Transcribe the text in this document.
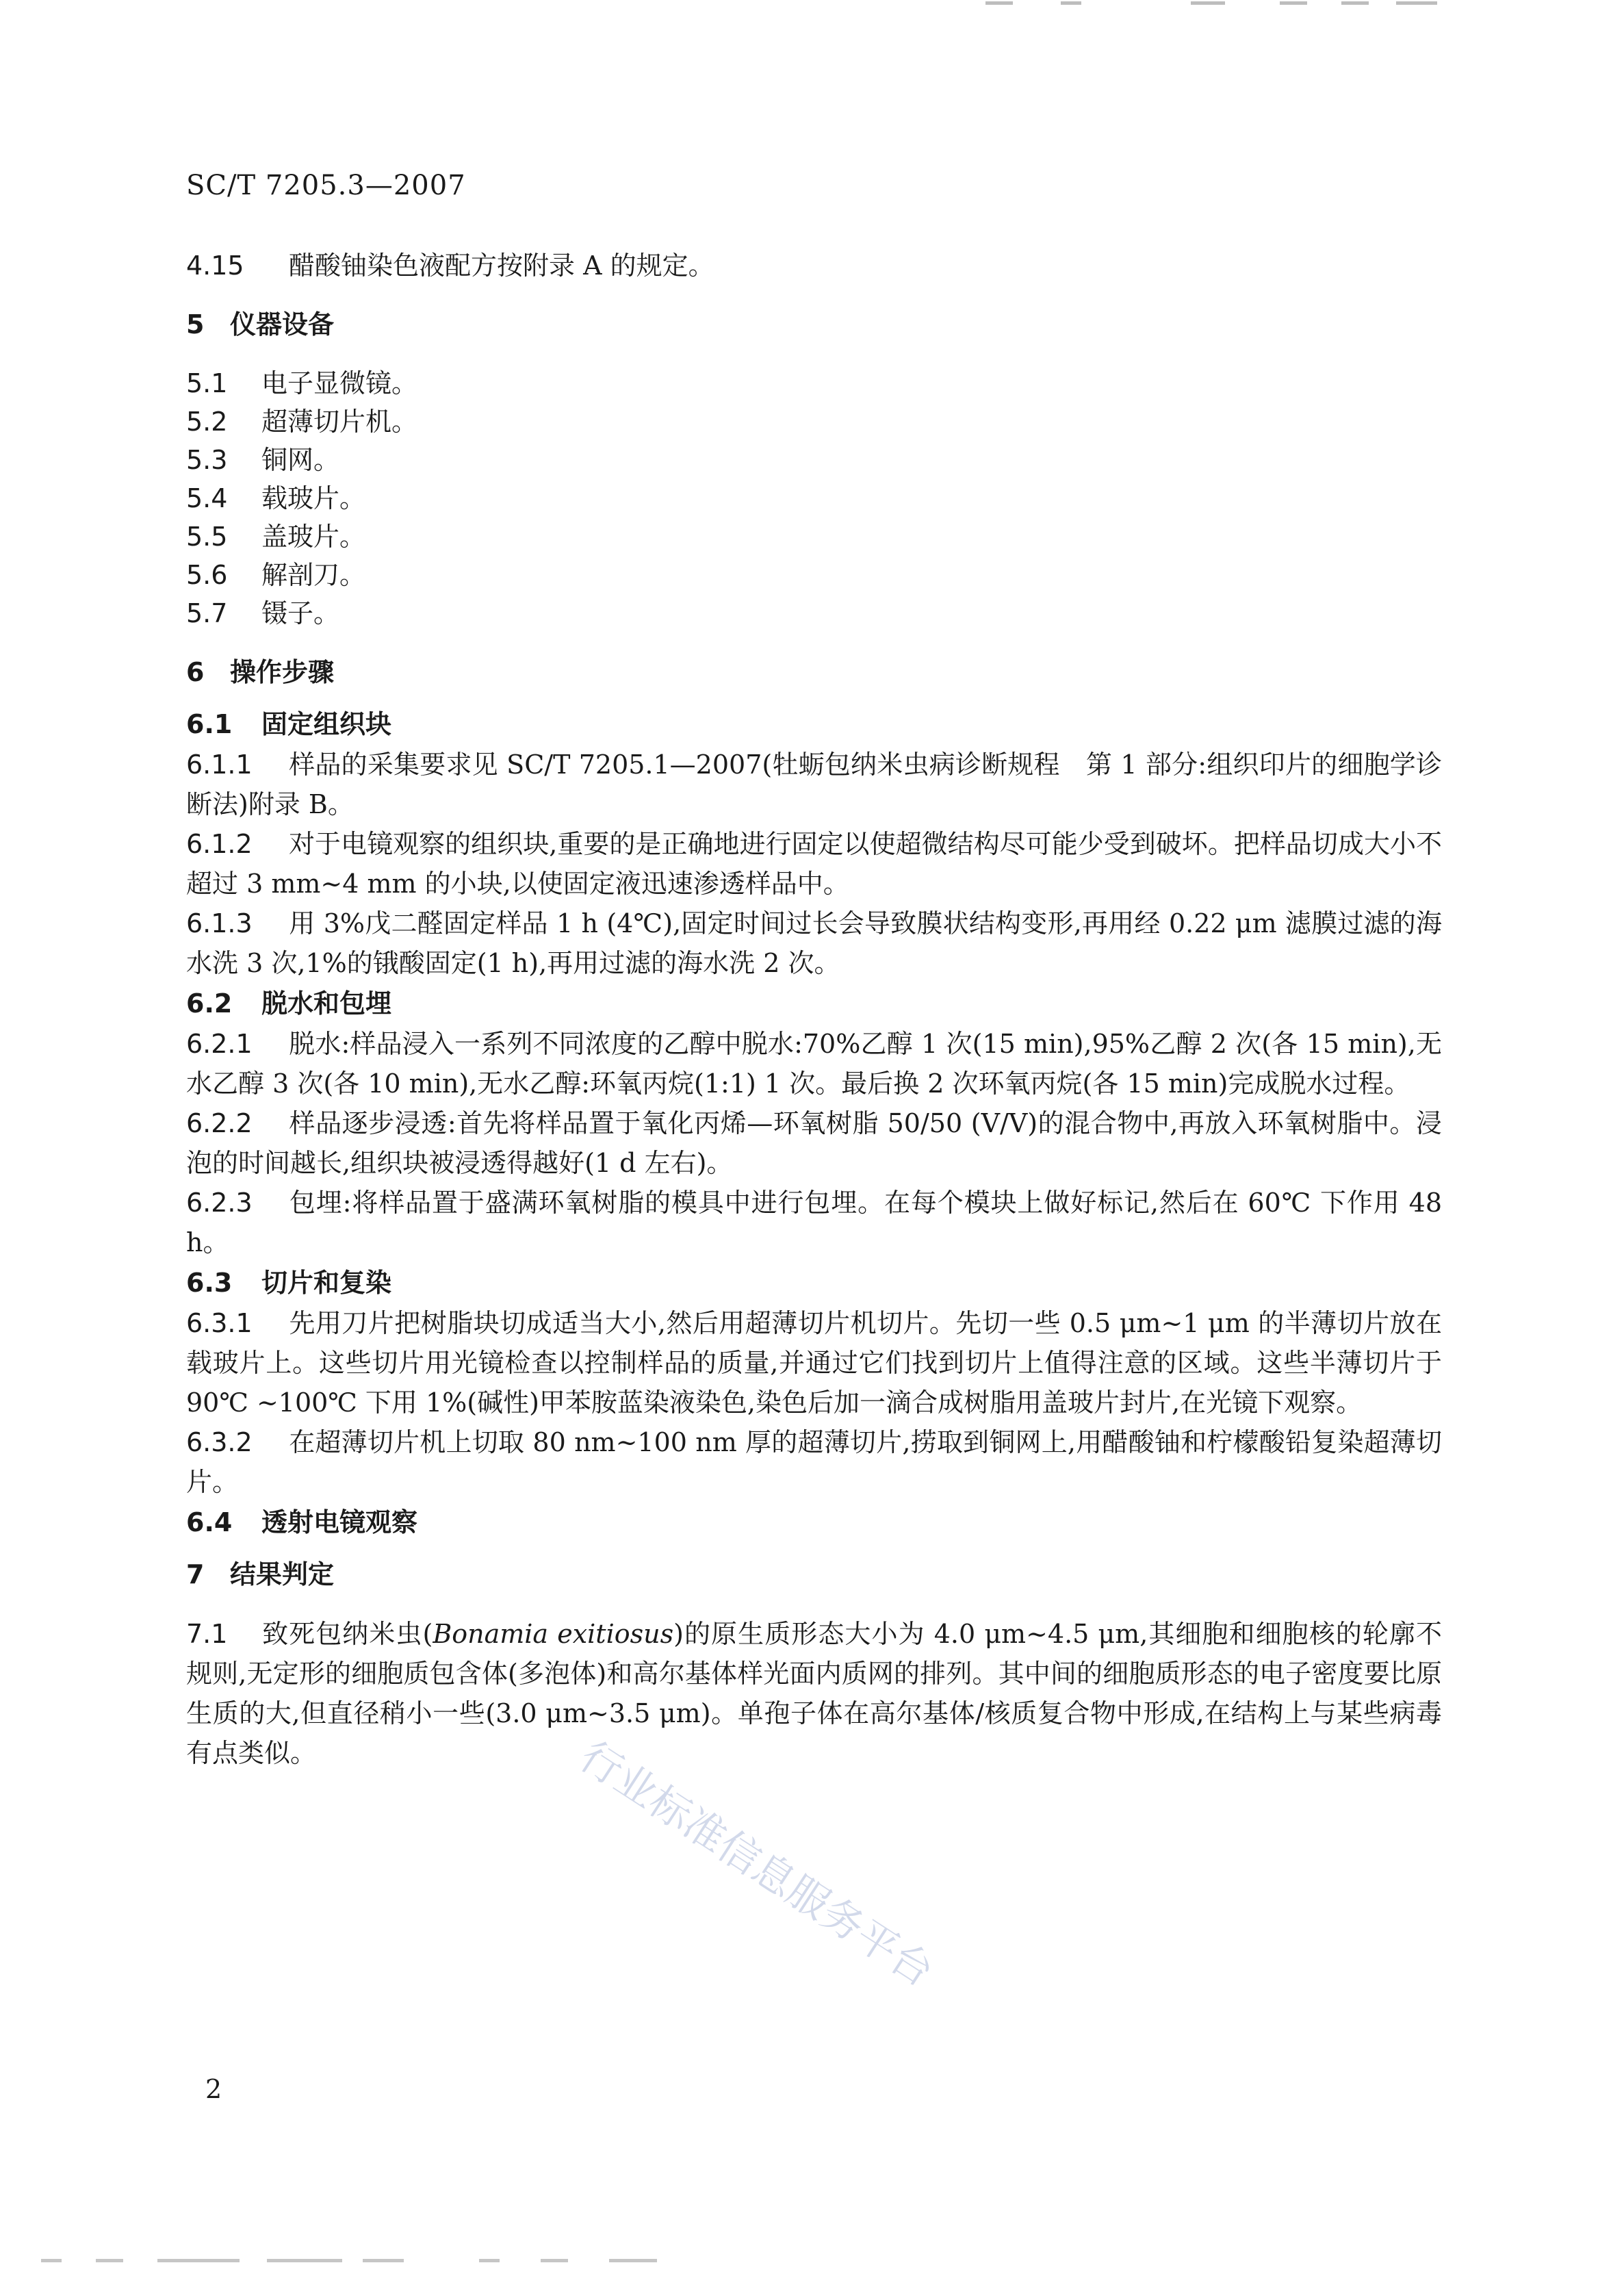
SC/T 7205.3—2007

4.15 醋酸铀染色液配方按附录 A 的规定。

5 仪器设备

5.1 电子显微镜。

5.2 超薄切片机。

5.3 铜网。

5.4 载玻片。

5.5 盖玻片。

5.6 解剖刀。

5.7 镊子。

6 操作步骤

6.1 固定组织块

6.1.1 样品的采集要求见 SC/T 7205.1—2007(牡蛎包纳米虫病诊断规程　第 1 部分:组织印片的细胞学诊断法)附录 B。

6.1.2 对于电镜观察的组织块,重要的是正确地进行固定以使超微结构尽可能少受到破坏。把样品切成大小不超过 3 mm~4 mm 的小块,以使固定液迅速渗透样品中。

6.1.3 用 3%戊二醛固定样品 1 h (4℃),固定时间过长会导致膜状结构变形,再用经 0.22 μm 滤膜过滤的海水洗 3 次,1%的锇酸固定(1 h),再用过滤的海水洗 2 次。

6.2 脱水和包埋

6.2.1 脱水:样品浸入一系列不同浓度的乙醇中脱水:70%乙醇 1 次(15 min),95%乙醇 2 次(各 15 min),无水乙醇 3 次(各 10 min),无水乙醇:环氧丙烷(1:1) 1 次。最后换 2 次环氧丙烷(各 15 min)完成脱水过程。

6.2.2 样品逐步浸透:首先将样品置于氧化丙烯—环氧树脂 50/50 (V/V)的混合物中,再放入环氧树脂中。浸泡的时间越长,组织块被浸透得越好(1 d 左右)。

6.2.3 包埋:将样品置于盛满环氧树脂的模具中进行包埋。在每个模块上做好标记,然后在 60℃ 下作用 48 h。

6.3 切片和复染

6.3.1 先用刀片把树脂块切成适当大小,然后用超薄切片机切片。先切一些 0.5 μm~1 μm 的半薄切片放在载玻片上。这些切片用光镜检查以控制样品的质量,并通过它们找到切片上值得注意的区域。这些半薄切片于 90℃ ~100℃ 下用 1%(碱性)甲苯胺蓝染液染色,染色后加一滴合成树脂用盖玻片封片,在光镜下观察。

6.3.2 在超薄切片机上切取 80 nm~100 nm 厚的超薄切片,捞取到铜网上,用醋酸铀和柠檬酸铅复染超薄切片。

6.4 透射电镜观察

7 结果判定

7.1 致死包纳米虫(Bonamia exitiosus)的原生质形态大小为 4.0 μm~4.5 μm,其细胞和细胞核的轮廓不规则,无定形的细胞质包含体(多泡体)和高尔基体样光面内质网的排列。其中间的细胞质形态的电子密度要比原生质的大,但直径稍小一些(3.0 μm~3.5 μm)。单孢子体在高尔基体/核质复合物中形成,在结构上与某些病毒有点类似。	行业标准信息服务平台
2
